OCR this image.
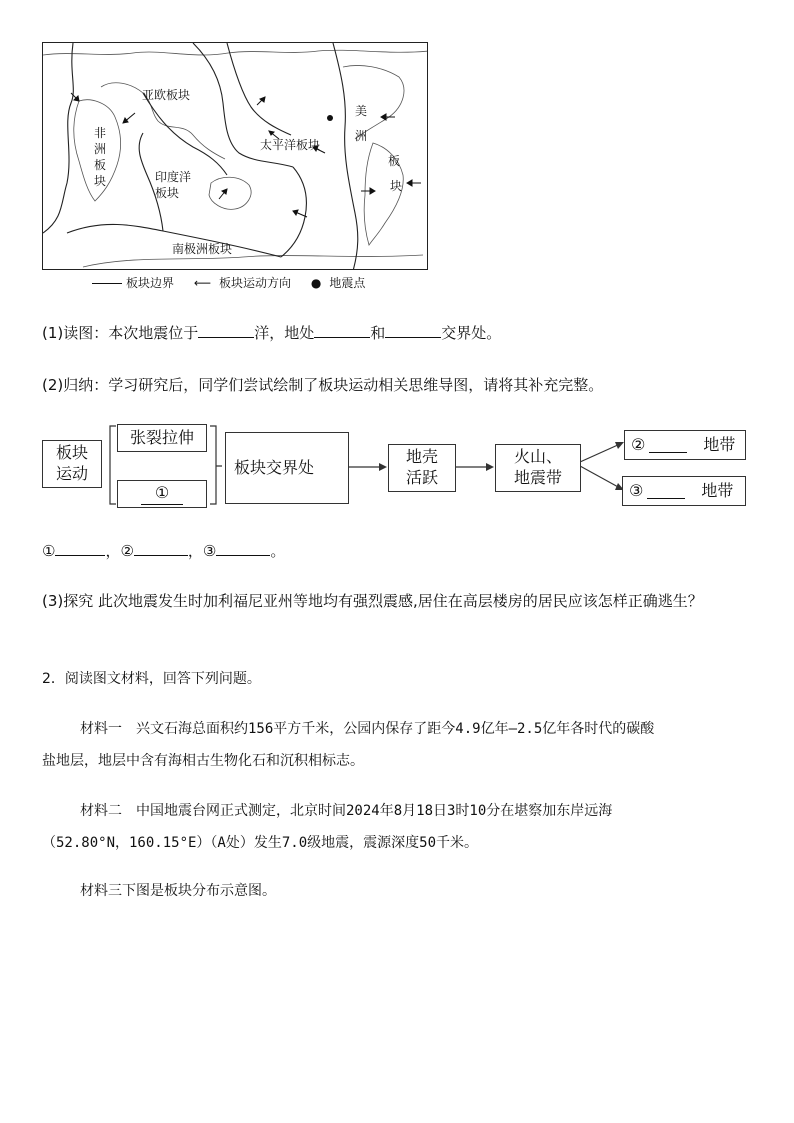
亚欧板块
美
洲
板
块
非
洲
板
块
太平洋板块
印度洋
板块
南极洲板块
板块边界 ⟵ 板块运动方向 ● 地震点
(1)读图：本次地震位于	洋，地处	和	交界处。
(2)归纳：学习研究后，同学们尝试绘制了板块运动相关思维导图，请将其补充完整。
板块运动
张裂拉伸
①
板块交界处
地壳
活跃
火山、
地震带
②	地带
③	地带
①	，②	，③	。
(3)探究 此次地震发生时加利福尼亚州等地均有强烈震感,居住在高层楼房的居民应该怎样正确逃生？
2．阅读图文材料，回答下列问题。
材料一　兴文石海总面积约156平方千米，公园内保存了距今4.9亿年—2.5亿年各时代的碳酸
盐地层，地层中含有海相古生物化石和沉积相标志。
材料二　中国地震台网正式测定，北京时间2024年8月18日3时10分在堪察加东岸远海
（52.80°N，160.15°E）（A处）发生7.0级地震，震源深度50千米。
材料三下图是板块分布示意图。
